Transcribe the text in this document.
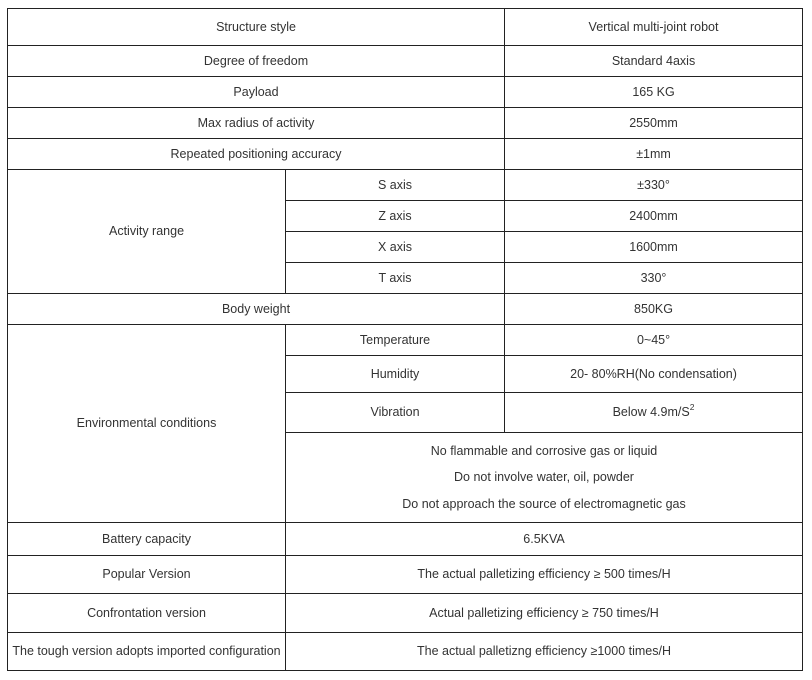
Structure style		Vertical multi-joint robot
Degree of freedom		Standard 4axis
Payload		165 KG
Max radius of activity		2550mm
Repeated positioning accuracy		±1mm
Activity range	S axis	±330°
	Z axis	2400mm
	X axis	1600mm
	T axis	330°
Body weight		850KG
Environmental conditions	Temperature	0~45°
	Humidity	20- 80%RH(No condensation)
	Vibration	Below $4.9m/S^2$

	No flammable and corrosive gas or liquid
Do not involve water, oil, powder
Do not approach the source of electromagnetic gas	

Battery capacity	6.5KVA	
Popular Version	The actual palletizing efficiency ≥ 500 times/H	
Confrontation version	Actual palletizing efficiency ≥ 750 times/H	
The tough version adopts imported configuration	The actual palletizng efficiency ≥1000 times/H	
